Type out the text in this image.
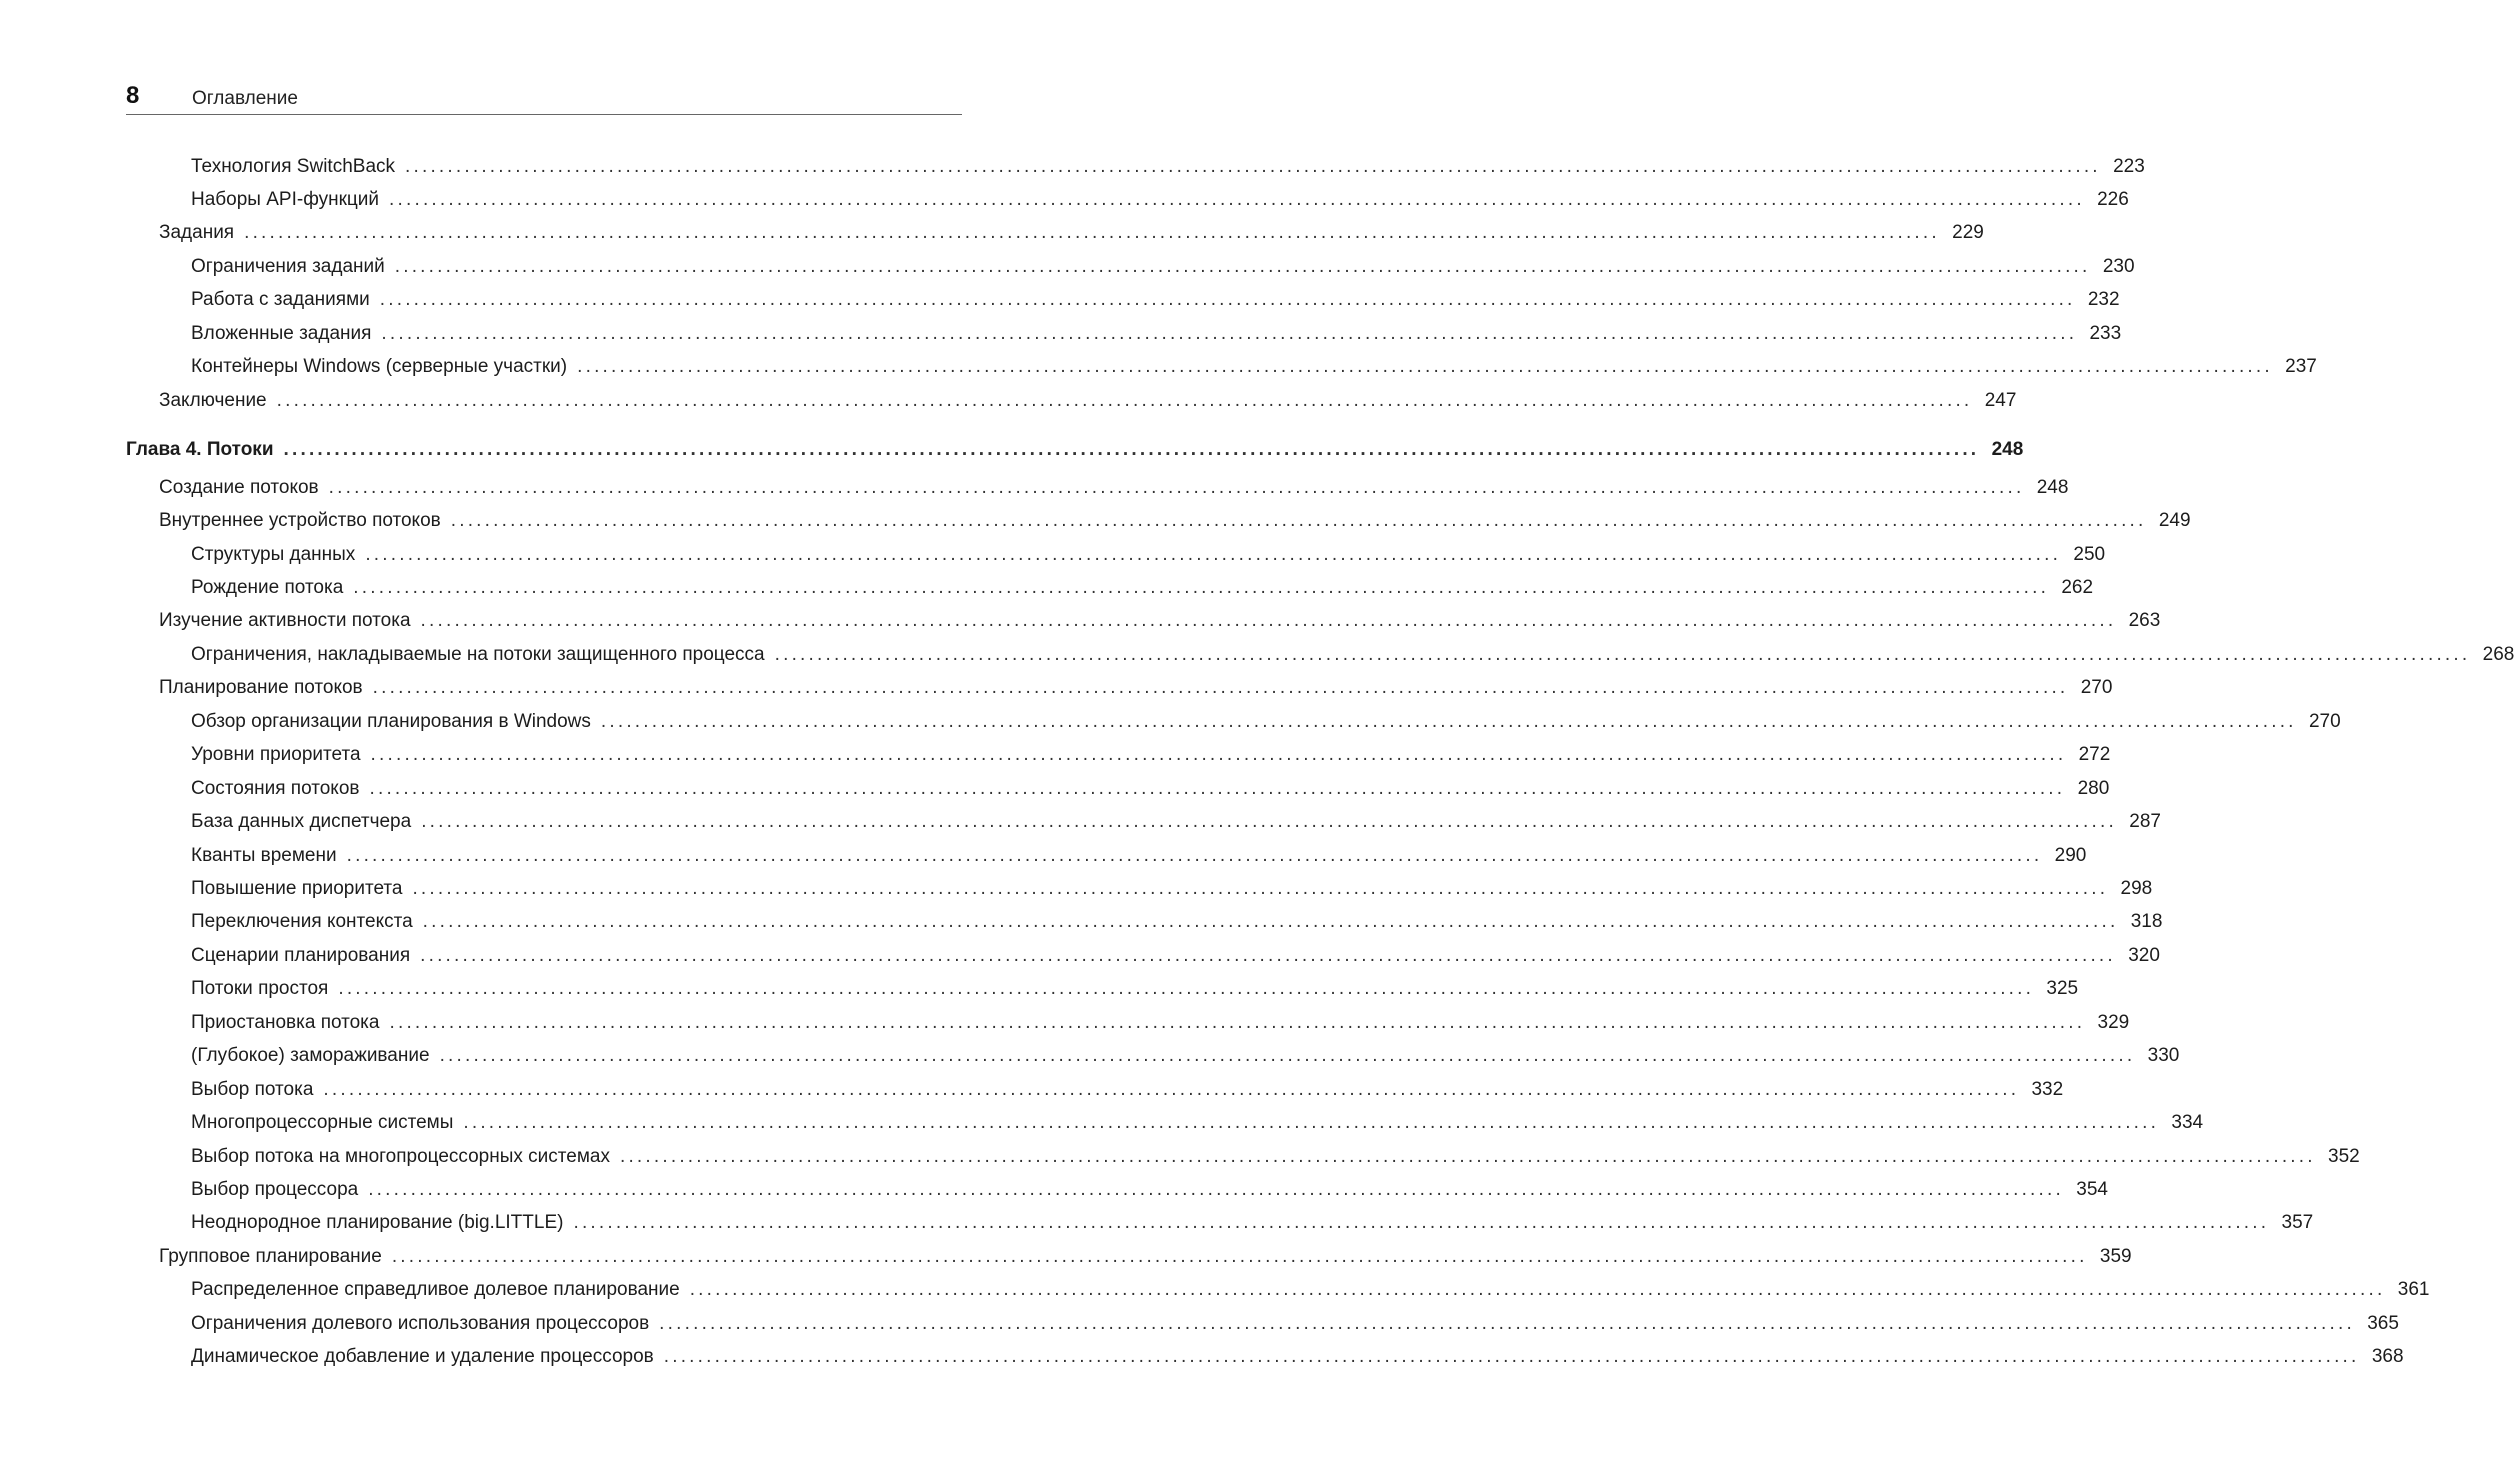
8	Оглавление
Технология SwitchBack ........................................................................................................................................................................................................ 223
Наборы API-функций ........................................................................................................................................................................................................ 226
Задания ........................................................................................................................................................................................................ 229
Ограничения заданий ........................................................................................................................................................................................................ 230
Работа с заданиями ........................................................................................................................................................................................................ 232
Вложенные задания ........................................................................................................................................................................................................ 233
Контейнеры Windows (серверные участки) ........................................................................................................................................................................................................ 237
Заключение ........................................................................................................................................................................................................ 247
Глава 4. Потоки ........................................................................................................................................................................................................ 248
Создание потоков ........................................................................................................................................................................................................ 248
Внутреннее устройство потоков ........................................................................................................................................................................................................ 249
Структуры данных ........................................................................................................................................................................................................ 250
Рождение потока ........................................................................................................................................................................................................ 262
Изучение активности потока ........................................................................................................................................................................................................ 263
Ограничения, накладываемые на потоки защищенного процесса ........................................................................................................................................................................................................ 268
Планирование потоков ........................................................................................................................................................................................................ 270
Обзор организации планирования в Windows ........................................................................................................................................................................................................ 270
Уровни приоритета ........................................................................................................................................................................................................ 272
Состояния потоков ........................................................................................................................................................................................................ 280
База данных диспетчера ........................................................................................................................................................................................................ 287
Кванты времени ........................................................................................................................................................................................................ 290
Повышение приоритета ........................................................................................................................................................................................................ 298
Переключения контекста ........................................................................................................................................................................................................ 318
Сценарии планирования ........................................................................................................................................................................................................ 320
Потоки простоя ........................................................................................................................................................................................................ 325
Приостановка потока ........................................................................................................................................................................................................ 329
(Глубокое) замораживание ........................................................................................................................................................................................................ 330
Выбор потока ........................................................................................................................................................................................................ 332
Многопроцессорные системы ........................................................................................................................................................................................................ 334
Выбор потока на многопроцессорных системах ........................................................................................................................................................................................................ 352
Выбор процессора ........................................................................................................................................................................................................ 354
Неоднородное планирование (big.LITTLE) ........................................................................................................................................................................................................ 357
Групповое планирование ........................................................................................................................................................................................................ 359
Распределенное справедливое долевое планирование ........................................................................................................................................................................................................ 361
Ограничения долевого использования процессоров ........................................................................................................................................................................................................ 365
Динамическое добавление и удаление процессоров ........................................................................................................................................................................................................ 368
